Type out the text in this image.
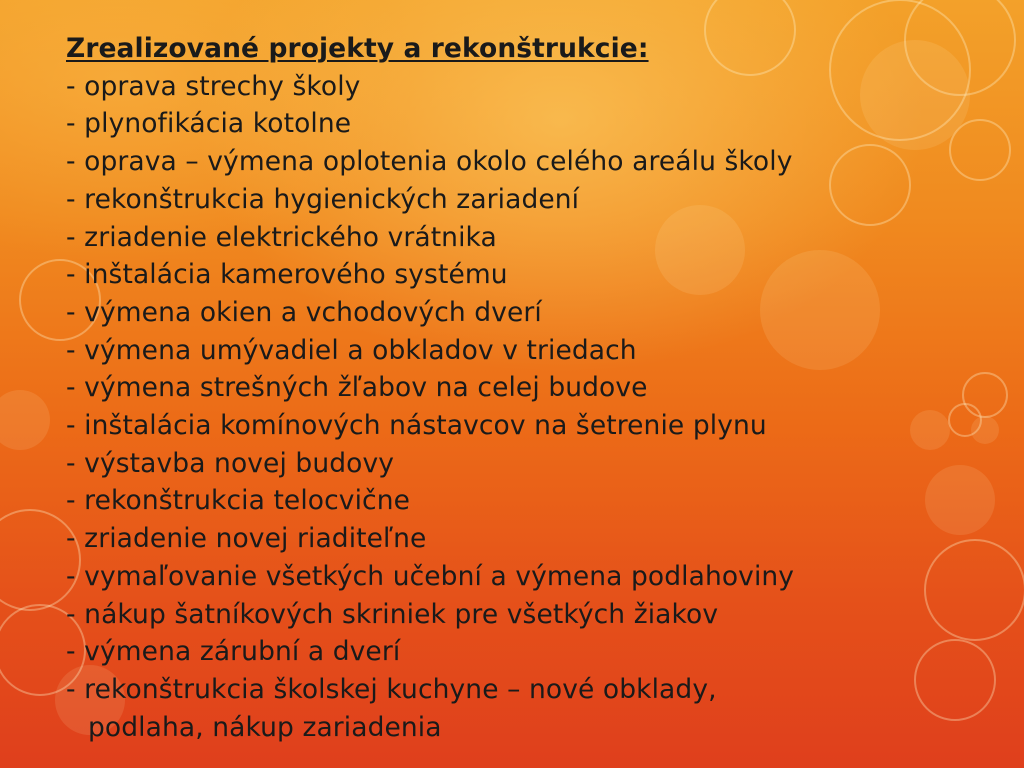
Zrealizované projekty a rekonštrukcie:
- oprava strechy školy
- plynofikácia kotolne
- oprava – výmena oplotenia okolo celého areálu školy
- rekonštrukcia hygienických zariadení
- zriadenie elektrického vrátnika
- inštalácia kamerového systému
- výmena okien a vchodových dverí
- výmena umývadiel a obkladov v triedach
- výmena strešných žľabov na celej budove
- inštalácia komínových nástavcov na šetrenie plynu
- výstavba novej budovy
- rekonštrukcia telocvične
- zriadenie novej riaditeľne
- vymaľovanie všetkých učební a výmena podlahoviny
- nákup šatníkových skriniek pre všetkých žiakov
- výmena zárubní a dverí
- rekonštrukcia školskej kuchyne – nové obklady,
podlaha, nákup zariadenia
